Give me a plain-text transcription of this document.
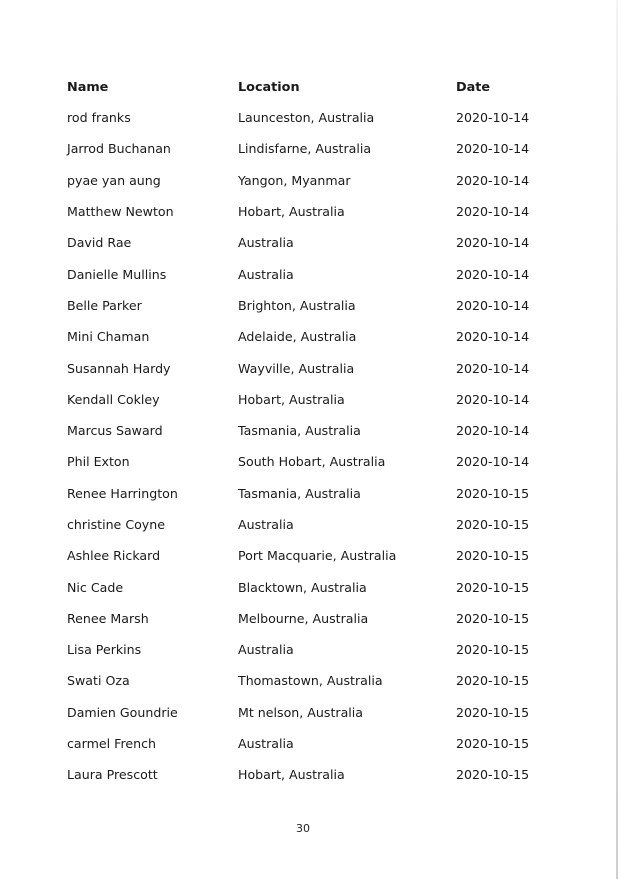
Name	Location	Date
rod franks	Launceston, Australia	2020-10-14
Jarrod Buchanan	Lindisfarne, Australia	2020-10-14
pyae yan aung	Yangon, Myanmar	2020-10-14
Matthew Newton	Hobart, Australia	2020-10-14
David Rae	Australia	2020-10-14
Danielle Mullins	Australia	2020-10-14
Belle Parker	Brighton, Australia	2020-10-14
Mini Chaman	Adelaide, Australia	2020-10-14
Susannah Hardy	Wayville, Australia	2020-10-14
Kendall Cokley	Hobart, Australia	2020-10-14
Marcus Saward	Tasmania, Australia	2020-10-14
Phil Exton	South Hobart, Australia	2020-10-14
Renee Harrington	Tasmania, Australia	2020-10-15
christine Coyne	Australia	2020-10-15
Ashlee Rickard	Port Macquarie, Australia	2020-10-15
Nic Cade	Blacktown, Australia	2020-10-15
Renee Marsh	Melbourne, Australia	2020-10-15
Lisa Perkins	Australia	2020-10-15
Swati Oza	Thomastown, Australia	2020-10-15
Damien Goundrie	Mt nelson, Australia	2020-10-15
carmel French	Australia	2020-10-15
Laura Prescott	Hobart, Australia	2020-10-15
30
